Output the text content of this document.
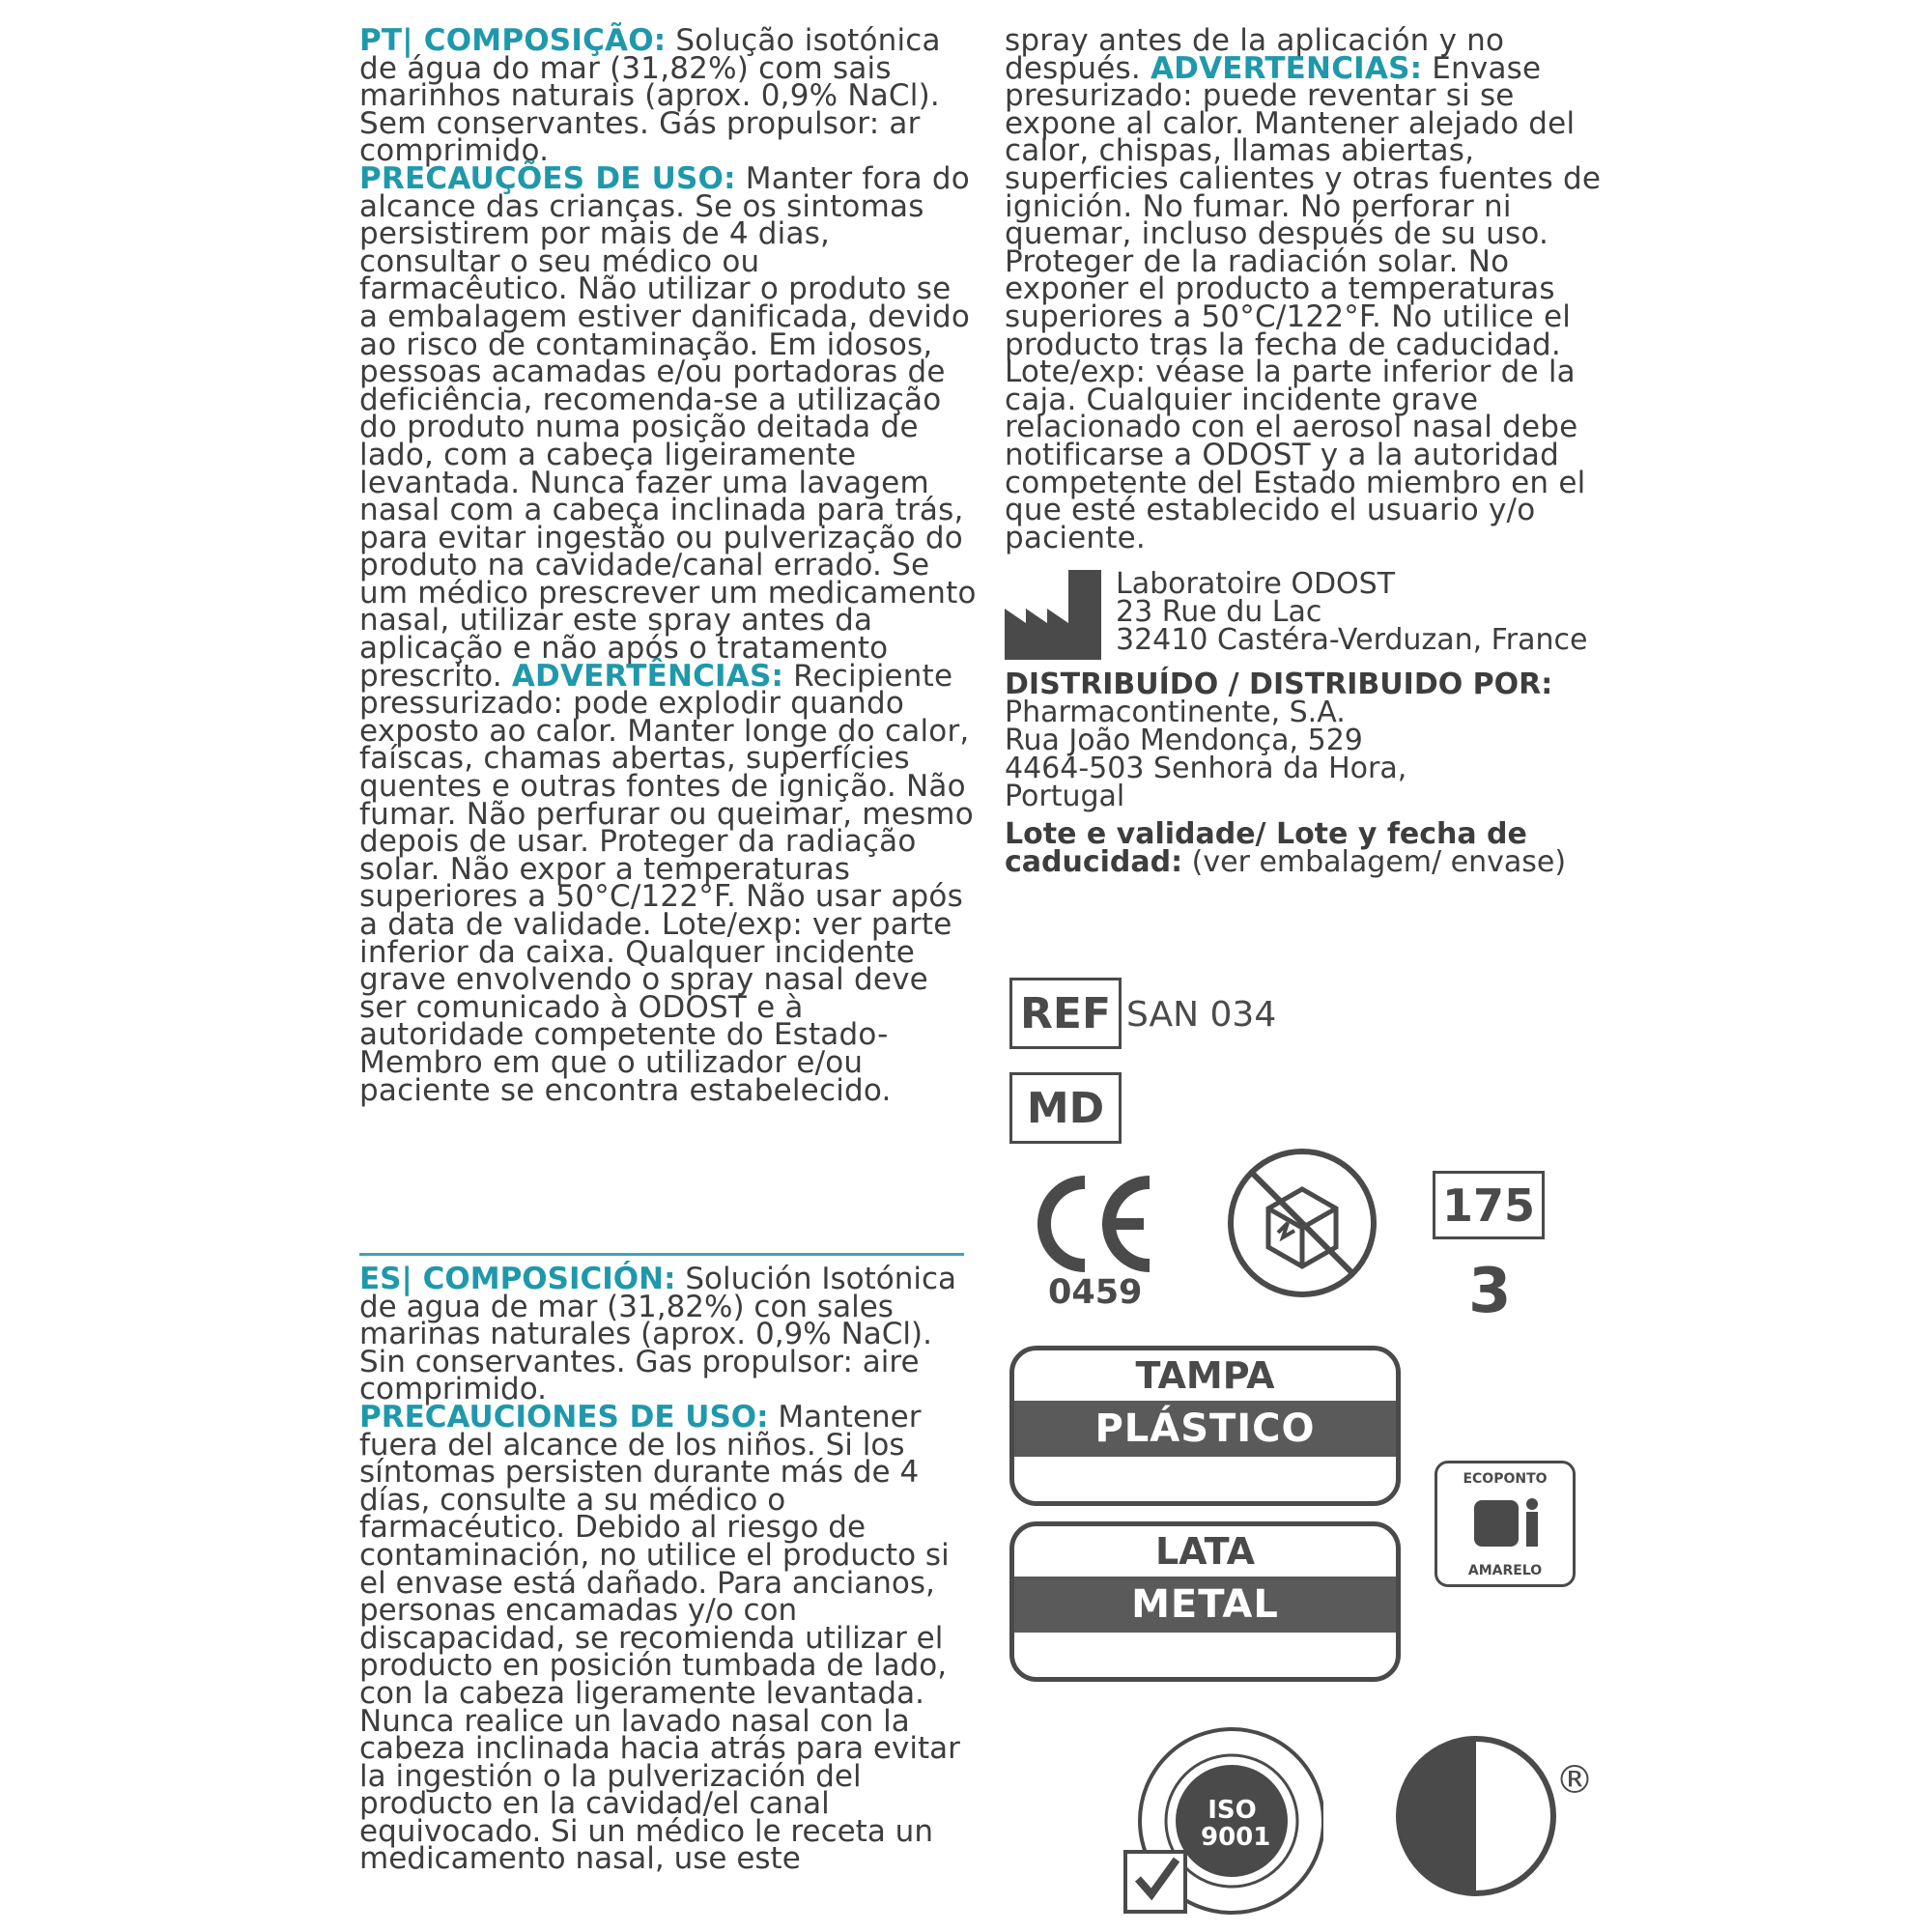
PT| COMPOSIÇÃO: Solução isotónica de água do mar (31,82%) com sais marinhos naturais (aprox. 0,9% NaCl). Sem conservantes. Gás propulsor: ar comprimido.

PRECAUÇÕES DE USO: Manter fora do alcance das crianças. Se os sintomas persistirem por mais de 4 dias, consultar o seu médico ou farmacêutico. Não utilizar o produto se a embalagem estiver danificada, devido ao risco de contaminação. Em idosos, pessoas acamadas e/ou portadoras de deficiência, recomenda-se a utilização do produto numa posição deitada de lado, com a cabeça ligeiramente levantada. Nunca fazer uma lavagem nasal com a cabeça inclinada para trás, para evitar ingestão ou pulverização do produto na cavidade/canal errado. Se um médico prescrever um medicamento nasal, utilizar este spray antes da aplicação e não após o tratamento prescrito. ADVERTÊNCIAS: Recipiente pressurizado: pode explodir quando exposto ao calor. Manter longe do calor, faíscas, chamas abertas, superfícies quentes e outras fontes de ignição. Não fumar. Não perfurar ou queimar, mesmo depois de usar. Proteger da radiação solar. Não expor a temperaturas superiores a 50°C/122°F. Não usar após a data de validade. Lote/exp: ver parte inferior da caixa. Qualquer incidente grave envolvendo o spray nasal deve ser comunicado à ODOST e à autoridade competente do Estado-Membro em que o utilizador e/ou paciente se encontra estabelecido.

ES| COMPOSICIÓN: Solución Isotónica de agua de mar (31,82%) con sales marinas naturales (aprox. 0,9% NaCl). Sin conservantes. Gas propulsor: aire comprimido.

PRECAUCIONES DE USO: Mantener fuera del alcance de los niños. Si los síntomas persisten durante más de 4 días, consulte a su médico o farmacéutico. Debido al riesgo de contaminación, no utilice el producto si el envase está dañado. Para ancianos, personas encamadas y/o con discapacidad, se recomienda utilizar el producto en posición tumbada de lado, con la cabeza ligeramente levantada. Nunca realice un lavado nasal con la cabeza inclinada hacia atrás para evitar la ingestión o la pulverización del producto en la cavidad/el canal equivocado. Si un médico le receta un medicamento nasal, use este

spray antes de la aplicación y no después. ADVERTENCIAS: Envase presurizado: puede reventar si se expone al calor. Mantener alejado del calor, chispas, llamas abiertas, superficies calientes y otras fuentes de ignición. No fumar. No perforar ni quemar, incluso después de su uso. Proteger de la radiación solar. No exponer el producto a temperaturas superiores a 50°C/122°F. No utilice el producto tras la fecha de caducidad. Lote/exp: véase la parte inferior de la caja. Cualquier incidente grave relacionado con el aerosol nasal debe notificarse a ODOST y a la autoridad competente del Estado miembro en el que esté establecido el usuario y/o paciente.

Laboratoire ODOST
23 Rue du Lac
32410 Castéra-Verduzan, France
DISTRIBUÍDO / DISTRIBUIDO POR:
Pharmacontinente, S.A.
Rua João Mendonça, 529
4464-503 Senhora da Hora,
Portugal
Lote e validade/ Lote y fecha de caducidad: (ver embalagem/ envase)
REF SAN 034
MD
0459
175
3
TAMPA
PLÁSTICO
LATA
METAL
ECOPONTO
AMARELO
ISO 9001
®
